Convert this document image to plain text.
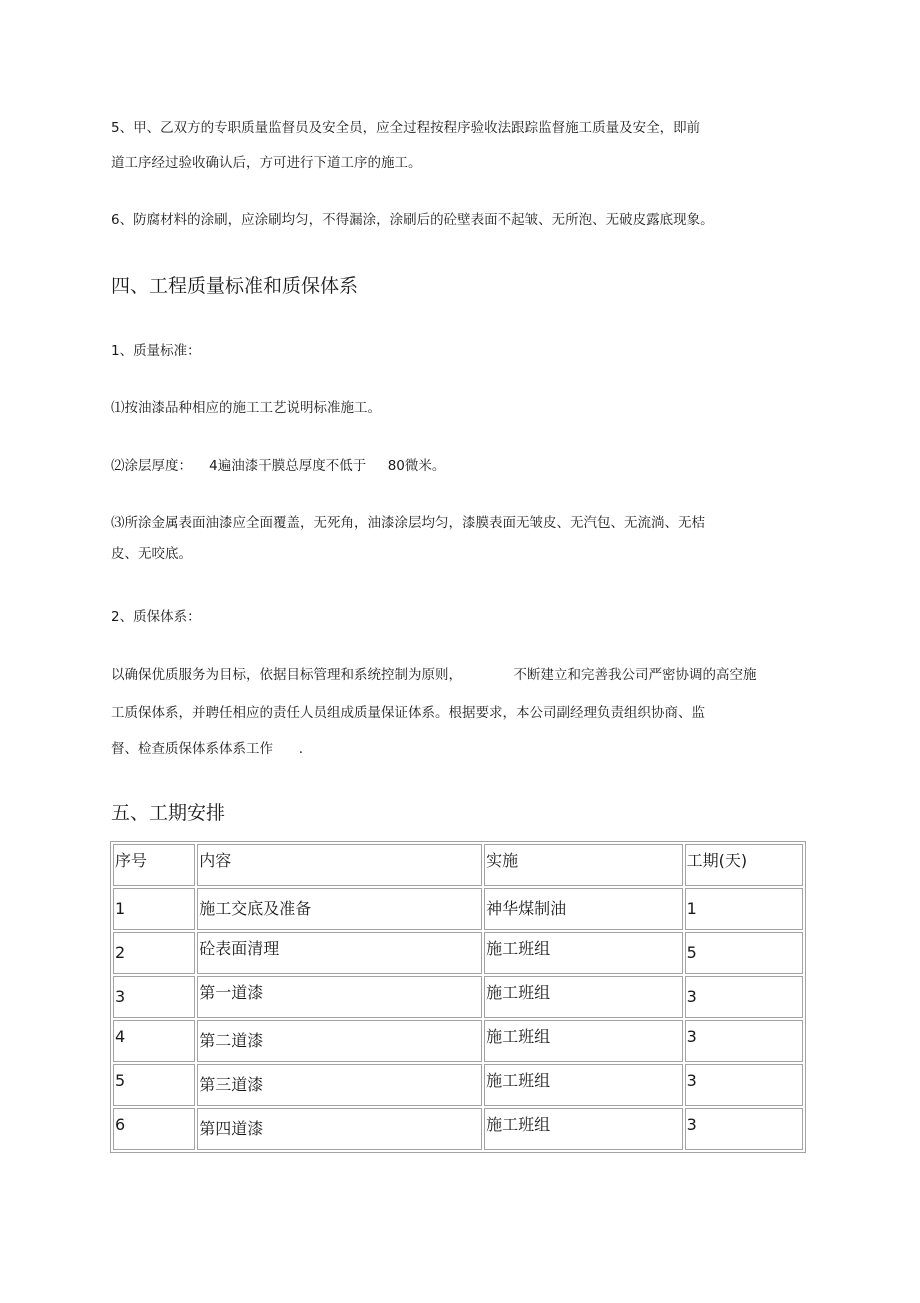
5、甲、乙双方的专职质量监督员及安全员，应全过程按程序验收法跟踪监督施工质量及安全，即前

道工序经过验收确认后，方可进行下道工序的施工。

6、防腐材料的涂刷，应涂刷均匀，不得漏涂，涂刷后的砼壁表面不起皱、无所泡、无破皮露底现象。

四、工程质量标准和质保体系

1、质量标准：

⑴按油漆品种相应的施工工艺说明标准施工。

⑵涂层厚度：    4遍油漆干膜总厚度不低于     80微米。

⑶所涂金属表面油漆应全面覆盖，无死角，油漆涂层均匀，漆膜表面无皱皮、无汽包、无流淌、无桔

皮、无咬底。

2、质保体系：

以确保优质服务为目标，依据目标管理和系统控制为原则，            不断建立和完善我公司严密协调的高空施

工质保体系，并聘任相应的责任人员组成质量保证体系。根据要求，本公司副经理负责组织协商、监

督、检查质保体系体系工作      .

五、工期安排
序号	内容	实施	工期(天)

1	施工交底及准备	神华煤制油	1

2	砼表面清理	施工班组	5

3	第一道漆	施工班组	3

4	第二道漆	施工班组	3

5	第三道漆	施工班组	3

6	第四道漆	施工班组	3
